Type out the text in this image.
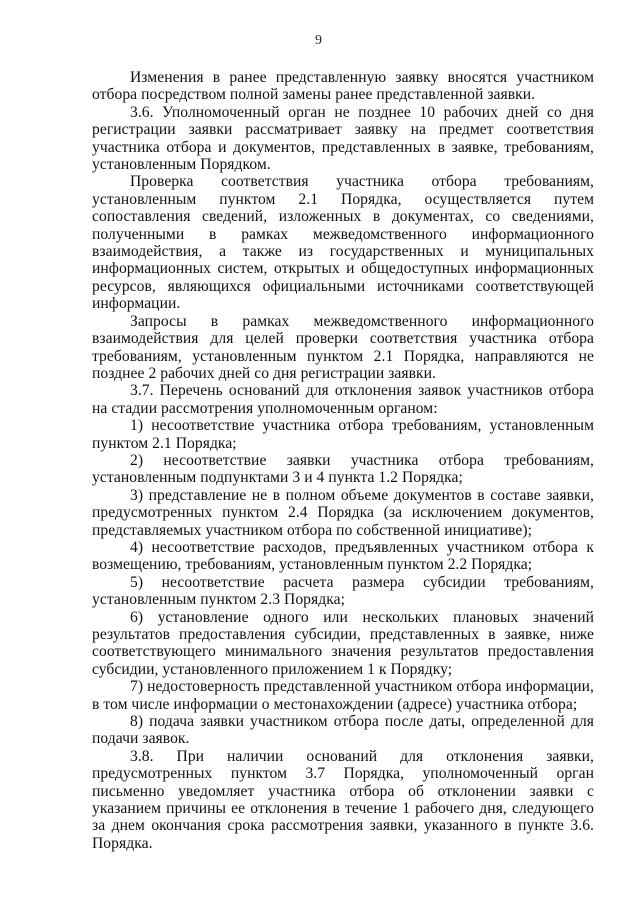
9

Изменения в ранее представленную заявку вносятся участником отбора посредством полной замены ранее представленной заявки.

3.6. Уполномоченный орган не позднее 10 рабочих дней со дня регистрации заявки рассматривает заявку на предмет соответствия участника отбора и документов, представленных в заявке, требованиям, установленным Порядком.

Проверка соответствия участника отбора требованиям, установленным пунктом 2.1 Порядка, осуществляется путем сопоставления сведений, изложенных в документах, со сведениями, полученными в рамках межведомственного информационного взаимодействия, а также из государственных и муниципальных информационных систем, открытых и общедоступных информационных ресурсов, являющихся официальными источниками соответствующей информации.

Запросы в рамках межведомственного информационного взаимодействия для целей проверки соответствия участника отбора требованиям, установленным пунктом 2.1 Порядка, направляются не позднее 2 рабочих дней со дня регистрации заявки.

3.7. Перечень оснований для отклонения заявок участников отбора на стадии рассмотрения уполномоченным органом:

1) несоответствие участника отбора требованиям, установленным пунктом 2.1 Порядка;

2) несоответствие заявки участника отбора требованиям, установленным подпунктами 3 и 4 пункта 1.2 Порядка;

3) представление не в полном объеме документов в составе заявки, предусмотренных пунктом 2.4 Порядка (за исключением документов, представляемых участником отбора по собственной инициативе);

4) несоответствие расходов, предъявленных участником отбора к возмещению, требованиям, установленным пунктом 2.2 Порядка;

5) несоответствие расчета размера субсидии требованиям, установленным пунктом 2.3 Порядка;

6) установление одного или нескольких плановых значений результатов предоставления субсидии, представленных в заявке, ниже соответствующего минимального значения результатов предоставления субсидии, установленного приложением 1 к Порядку;

7) недостоверность представленной участником отбора информации, в том числе информации о местонахождении (адресе) участника отбора;

8) подача заявки участником отбора после даты, определенной для подачи заявок.

3.8. При наличии оснований для отклонения заявки, предусмотренных пунктом 3.7 Порядка, уполномоченный орган письменно уведомляет участника отбора об отклонении заявки с указанием причины ее отклонения в течение 1 рабочего дня, следующего за днем окончания срока рассмотрения заявки, указанного в пункте 3.6. Порядка.
